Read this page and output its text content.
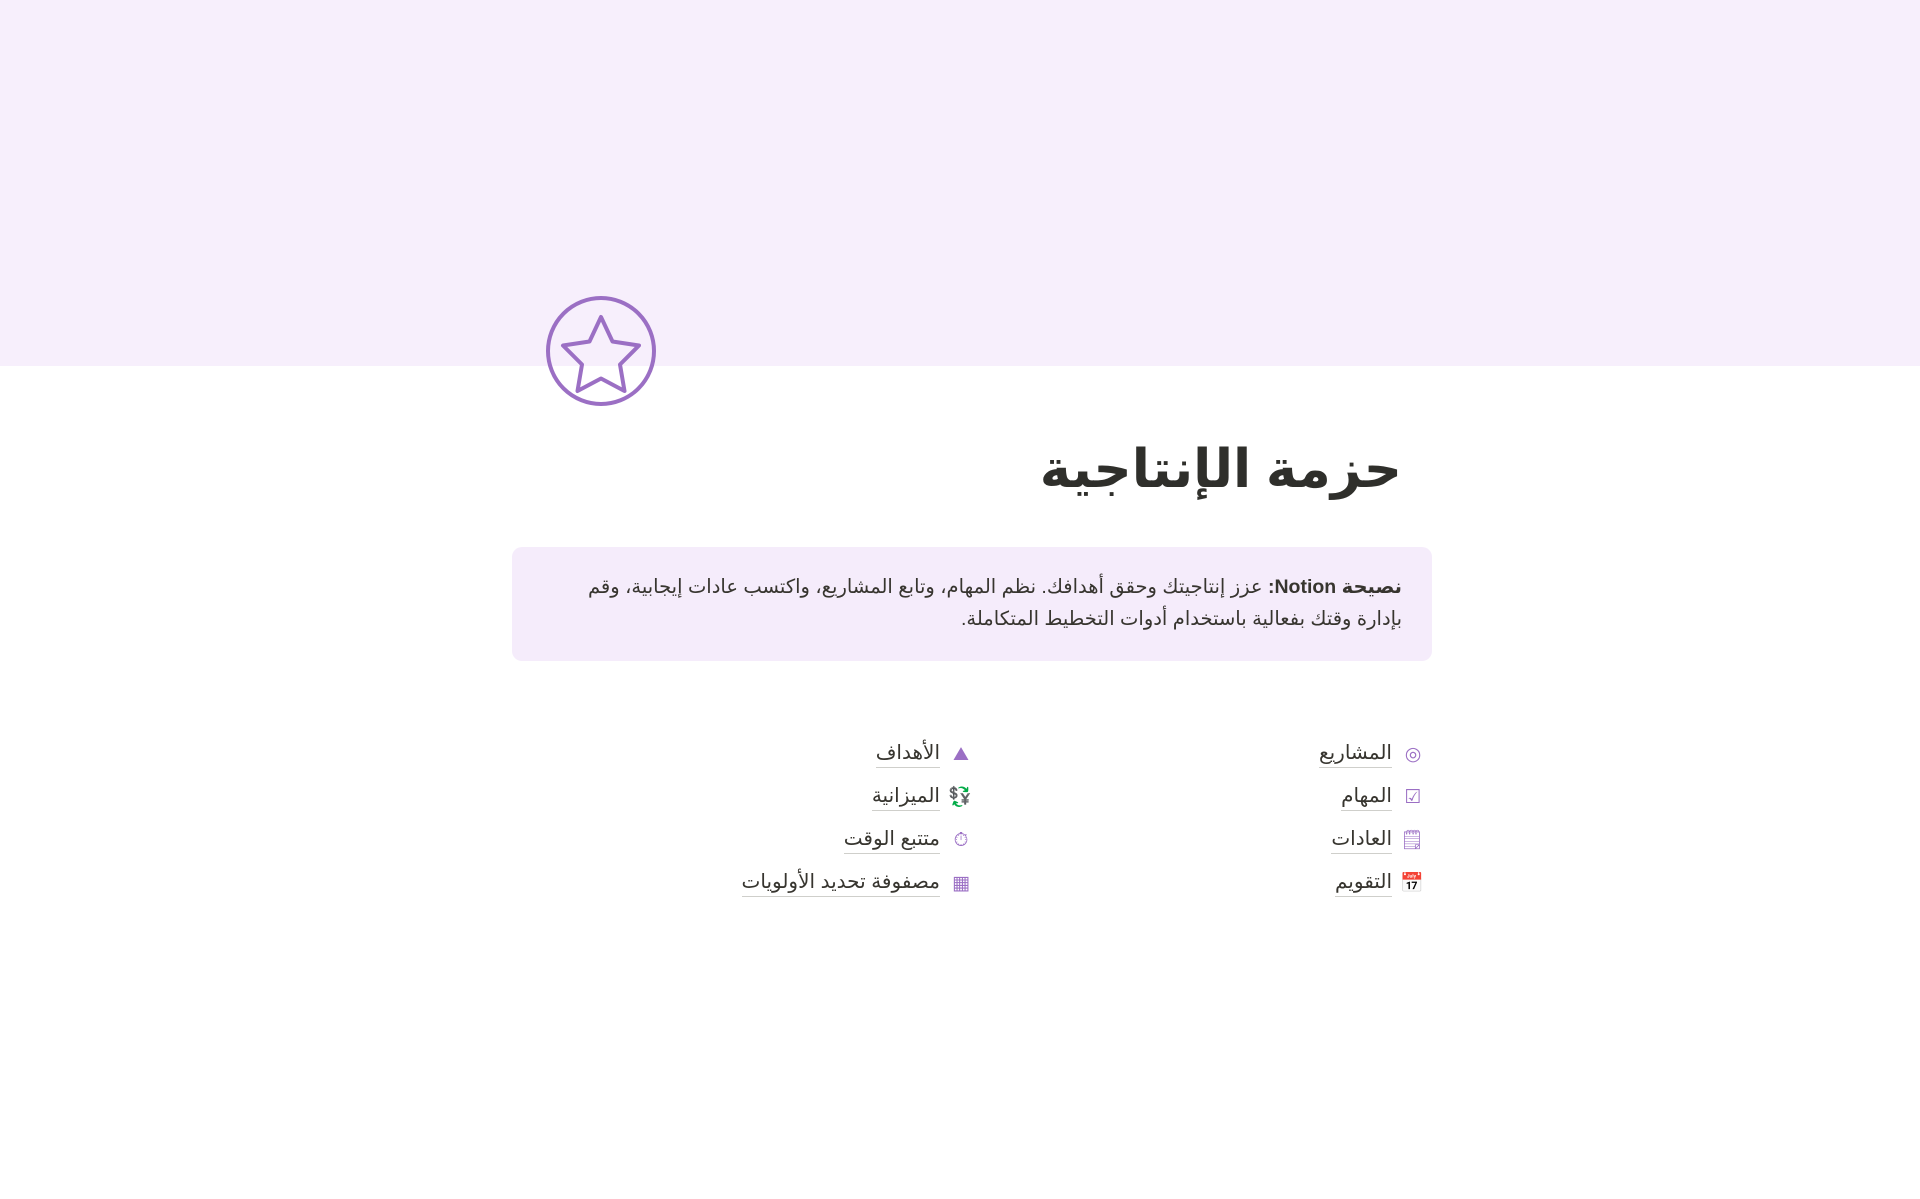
حزمة الإنتاجية
نصيحة Notion: عزز إنتاجيتك وحقق أهدافك. نظم المهام، وتابع المشاريع، واكتسب عادات إيجابية، وقم بإدارة وقتك بفعالية باستخدام أدوات التخطيط المتكاملة.
◎
المشاريع
☑
المهام
🗒
العادات
📅
التقويم
⛰
الأهداف
💱
الميزانية
⏱
متتبع الوقت
▦
مصفوفة تحديد الأولويات
